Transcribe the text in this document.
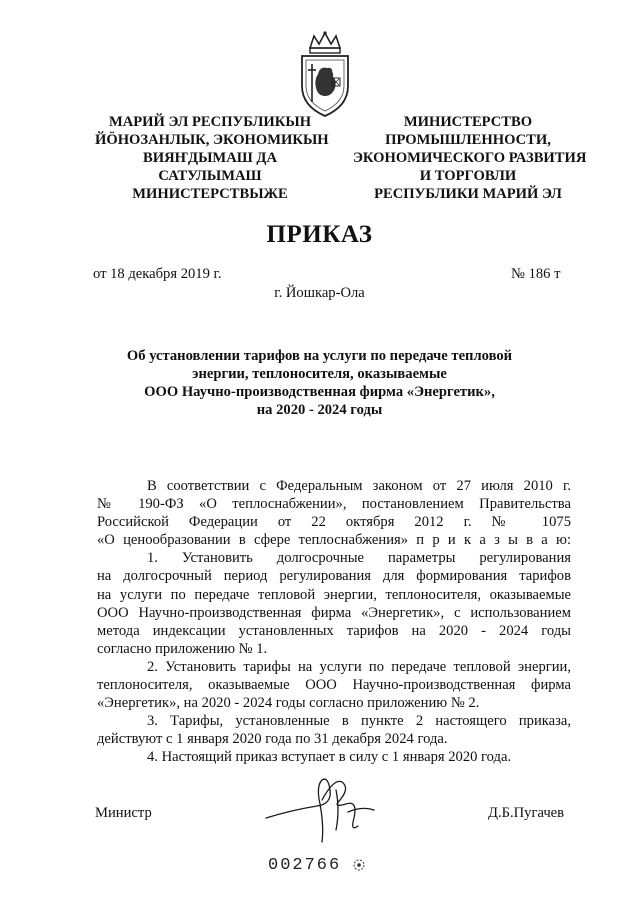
МАРИЙ ЭЛ РЕСПУБЛИКЫН
ЙӦНОЗАНЛЫК, ЭКОНОМИКЫН
ВИЯҤДЫМАШ ДА
САТУЛЫМАШ
МИНИСТЕРСТВЫЖЕ
МИНИСТЕРСТВО
ПРОМЫШЛЕННОСТИ,
ЭКОНОМИЧЕСКОГО РАЗВИТИЯ
И ТОРГОВЛИ
РЕСПУБЛИКИ МАРИЙ ЭЛ
ПРИКАЗ
от 18 декабря 2019 г.	№ 186 т
г. Йошкар-Ола
Об установлении тарифов на услуги по передаче тепловой
энергии, теплоносителя, оказываемые
ООО Научно-производственная фирма «Энергетик»,
на 2020 - 2024 годы
В соответствии с Федеральным законом от 27 июля 2010 г.
№ 190-ФЗ «О теплоснабжении», постановлением Правительства
Российской Федерации от 22 октября 2012 г. № 1075
«О ценообразовании в сфере теплоснабжения» п р и к а з ы в а ю:
1. Установить долгосрочные параметры регулирования
на долгосрочный период регулирования для формирования тарифов
на услуги по передаче тепловой энергии, теплоносителя, оказываемые
ООО Научно-производственная фирма «Энергетик», с использованием
метода индексации установленных тарифов на 2020 - 2024 годы
согласно приложению № 1.
2. Установить тарифы на услуги по передаче тепловой энергии,
теплоносителя, оказываемые ООО Научно-производственная фирма
«Энергетик», на 2020 - 2024 годы согласно приложению № 2.
3. Тарифы, установленные в пункте 2 настоящего приказа,
действуют с 1 января 2020 года по 31 декабря 2024 года.
4. Настоящий приказ вступает в силу с 1 января 2020 года.
Министр	Д.Б.Пугачев
002766
